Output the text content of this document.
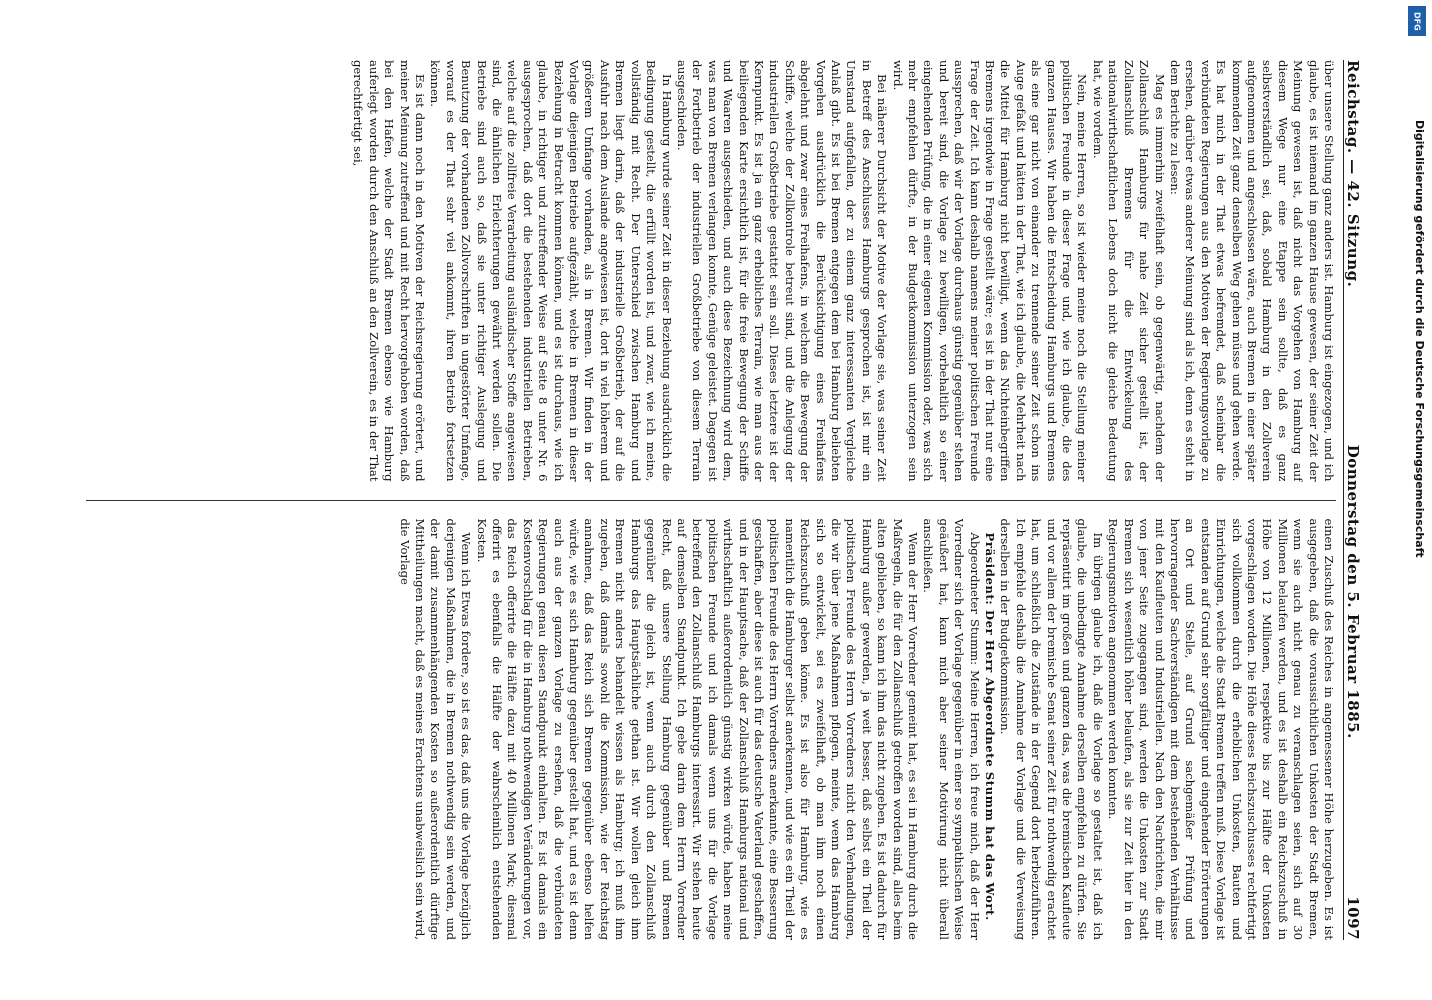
Reichstag. — 42. Sitzung.
Donnerstag den 5. Februar 1885.
1097

über unsere Stellung ganz anders ist. Hamburg ist eingezogen, und ich glaube, es ist niemand im ganzen Hause gewesen, der seiner Zeit der Meinung gewesen ist, daß nicht das Vorgehen von Hamburg auf diesem Wege nur eine Etappe sein sollte, daß es ganz selbstverständlich sei, daß, sobald Hamburg in den Zollverein aufgenommen und angeschlossen wäre, auch Bremen in einer später kommenden Zeit ganz denselben Weg gehen müsse und gehen werde. Es hat mich in der That etwas befremdet, daß scheinbar die verbündeten Regierungen aus den Motiven der Regierungsvorlage zu ersehen, darüber etwas anderer Meinung sind als ich, denn es steht in dem Berichte zu lesen:

Mag es immerhin zweifelhaft sein, ob gegenwärtig, nachdem der Zollanschluß Hamburgs für nahe Zeit sicher gestellt ist, der Zollanschluß Bremens für die Entwickelung des nationalwirthschaftlichen Lebens doch nicht die gleiche Bedeutung hat, wie vordem.

Nein, meine Herren, so ist wieder meine noch die Stellung meiner politischen Freunde in dieser Frage und, wie ich glaube, die des ganzen Hauses. Wir haben die Entscheidung Hamburgs und Bremens als eine gar nicht von einander zu trennende seiner Zeit schon ins Auge gefaßt und hätten in der That, wie ich glaube, die Mehrheit nach die Mittel für Hamburg nicht bewilligt, wenn das Nichteinbegriffen Bremens irgendwie in Frage gestellt wäre; es ist in der That nur eine Frage der Zeit. Ich kann deshalb namens meiner politischen Freunde aussprechen, daß wir der Vorlage durchaus günstig gegenüber stehen und bereit sind, die Vorlage zu bewilligen, vorbehaltlich so einer eingehenden Prüfung, die in einer eigenen Kommission oder, was sich mehr empfehlen dürfte, in der Budgetkommission unterzogen sein wird.

Bei näherer Durchsicht der Motive der Vorlage sie, was seiner Zeit in Betreff des Anschlusses Hamburgs gesprochen ist, ist mir ein Umstand aufgefallen, der zu einem ganz interessanten Vergleiche Anlaß gibt. Es ist bei Bremen entgegen dem bei Hamburg beliebten Vorgehen ausdrücklich die Berücksichtigung eines Freihafens abgelehnt und zwar eines Freihafens, in welchem die Bewegung der Schiffe, welche der Zollkontrole betreut sind, und die Anlegung der industriellen Großbetriebe gestattet sein soll. Dieses letztere ist der Kernpunkt. Es ist ja ein ganz erhebliches Terrain, wie man aus der beiliegenden Karte ersichtlich ist, für die freie Bewegung der Schiffe und Waaren ausgeschieden, und auch diese Bezeichnung wird dem, was man von Bremen verlangen konnte, Genüge geleistet. Dagegen ist der Fortbetrieb der industriellen Großbetriebe von diesem Terrain ausgeschieden.

In Hamburg wurde seiner Zeit in dieser Beziehung ausdrücklich die Bedingung gestellt, die erfüllt worden ist, und zwar, wie ich meine, vollständig mit Recht. Der Unterschied zwischen Hamburg und Bremen liegt darin, daß der industrielle Großbetrieb, der auf die Ausfuhr nach dem Auslande angewiesen ist, dort in viel höherem und größerem Umfange vorhanden, als in Bremen. Wir finden in der Vorlage diejenigen Betriebe aufgezählt, welche in Bremen in dieser Beziehung in Betracht kommen können, und es ist durchaus, wie ich glaube, in richtiger und zutreffender Weise auf Seite 8 unter Nr. 6 ausgesprochen, daß dort die bestehenden industriellen Betrieben, welche auf die zollfreie Verarbeitung ausländischer Stoffe angewiesen sind, die ähnlichen Erleichterungen gewährt werden sollen. Die Betriebe sind auch so, daß sie unter richtiger Auslegung und Benutzung der vorhandenen Zollvorschriften in ungestörter Umfange, worauf es der That sehr viel ankommt, ihren Betrieb fortsetzen können.

Es ist dann noch in den Motiven der Reichsregierung erörtert, und meiner Meinung zutreffend und mit Recht hervorgehoben worden, daß bei den Hafen, welche der Stadt Bremen ebenso wie Hamburg auferlegt worden durch den Anschluß an den Zollverein, es in der That gerechtfertigt sei,

einen Zuschuß des Reiches in angemessener Höhe herzugeben. Es ist ausgegeben, daß die voraussichtlichen Unkosten der Stadt Bremen, wenn sie auch nicht genau zu veranschlagen seien, sich auf 30 Millionen belaufen werden, und es ist deshalb ein Reichszuschuß in Höhe von 12 Millionen, respektive bis zur Hälfte der Unkosten vorgeschlagen worden. Die Höhe dieses Reichszuschusses rechtfertigt sich vollkommen durch die erheblichen Unkosten, Bauten und Einrichtungen, welche die Stadt Bremen treffen muß. Diese Vorlage ist entstanden auf Grund sehr sorgfältiger und eingehender Erörterungen an Ort und Stelle, auf Grund sachgemäßer Prüfung und hervorragender Sachverständigen mit dem bestehenden Verhältnisse mit den Kaufleuten und Industriellen. Nach den Nachrichten, die mir von jener Seite zugegangen sind, werden die Unkosten zur Stadt Bremen sich wesentlich höher belaufen, als sie zur Zeit hier in den Regierungsmotiven angenommen werden konnten.

Im übrigen glaube ich, daß die Vorlage so gestaltet ist, daß ich glaube, die unbedingte Annahme derselben empfehlen zu dürfen. Sie repräsentirt im großen und ganzen das, was die bremischen Kaufleute und vor allem der bremische Senat seiner Zeit für nothwendig erachtet hat, um schließlich die Zustände in der Gegend dort herbeizuführen. Ich empfehle deshalb die Annahme der Vorlage und die Verweisung derselben in der Budgetkommission.

Präsident: Der Herr Abgeordnete Stumm hat das Wort.

Abgeordneter Stumm: Meine Herren, ich freue mich, daß der Herr Vorredner sich der Vorlage gegenüber in einer so sympathischen Weise geäußert hat, kann mich aber seiner Motivirung nicht überall anschließen.

Wenn der Herr Vorredner gemeint hat, es sei in Hamburg durch die Maßregeln, die für den Zollanschluß getroffen worden sind, alles beim alten geblieben, so kann ich ihm das nicht zugeben. Es ist dadurch für Hamburg außer gewerden, ja weit besser, daß selbst ein Theil der politischen Freunde des Herrn Vorredners nicht den Verhandlungen, die wir über jene Maßnahmen pflogen, meinte, wenn das Hamburg sich so entwickelt, sei es zweifelhaft, ob man ihm noch einen Reichszuschuß geben könne. Es ist also für Hamburg, wie es namentlich die Hamburger selbst anerkennen, und wie es ein Theil der politischen Freunde des Herrn Vorredners anerkannte, eine Besserung geschaffen, aber diese ist auch für das deutsche Vaterland geschaffen, und in der Hauptsache, daß der Zollanschluß Hamburgs national und wirthschaftlich außerordentlich günstig wirken würde, haben meine politischen Freunde und ich damals wenn uns für die Vorlage betreffend den Zollanschluß Hamburgs interessirt. Wir stehen heute auf demselben Standpunkt. Ich gebe darin dem Herrn Vorredner Recht, daß unsere Stellung Hamburg gegenüber und Bremen gegenüber die gleich ist, wenn auch durch den Zollanschluß Hamburgs das Hauptsächliche gethan ist. Wir wollen gleich ihm Bremen nicht anders behandelt wissen als Hamburg; ich muß ihm zugeben, daß damals sowohl die Kommission, wie der Reichstag annahmen, daß das Reich sich Bremen gegenüber ebenso helfen würde, wie es sich Hamburg gegenüber gestellt hat, und es ist denn auch aus der ganzen Vorlage zu ersehen, daß die verbündeten Regierungen genau diesen Standpunkt einhalten. Es ist damals ein Kostenvorschlag für die in Hamburg nothwendigen Veränderungen vor, das Reich offerirte die Hälfte dazu mit 40 Millionen Mark; diesmal offerirt es ebenfalls die Hälfte der wahrscheinlich entstehenden Kosten.

Wenn ich Etwas fordere, so ist es das, daß uns die Vorlage bezüglich derjenigen Maßnahmen, die in Bremen nothwendig sein werden, und der damit zusammenhängenden Kosten so außerordentlich dürftige Mittheilungen macht, daß es meines Erachtens unabweislich sein wird, die Vorlage

DFG
Digitalisierung gefördert durch die Deutsche Forschungsgemeinschaft
